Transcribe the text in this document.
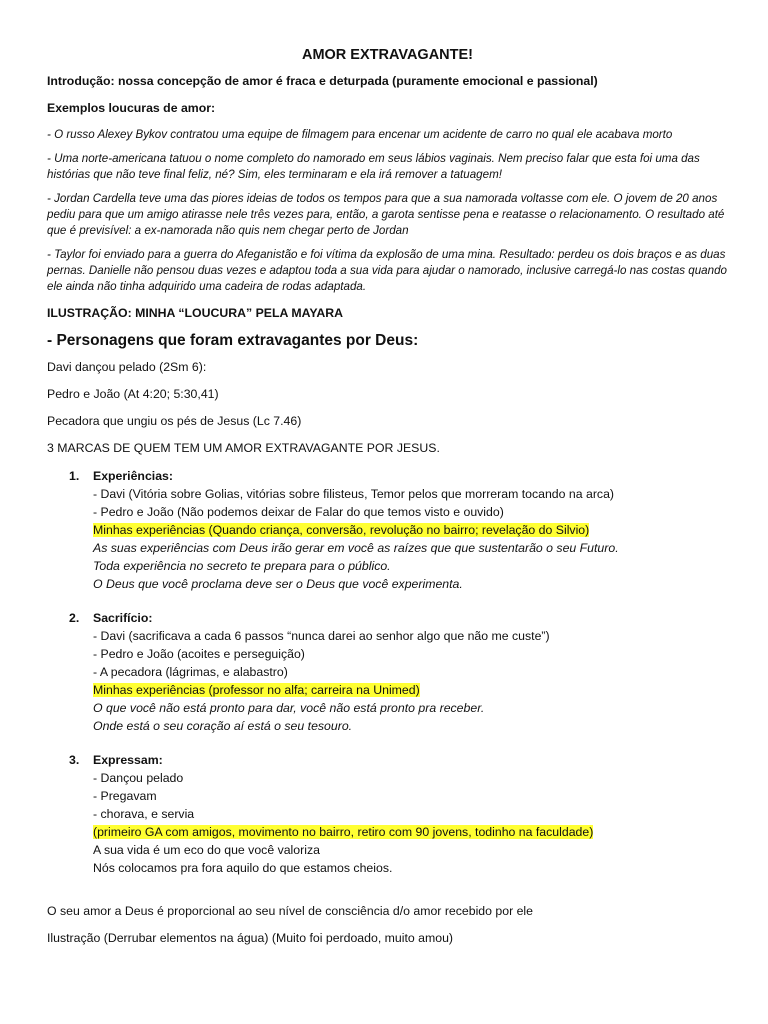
AMOR EXTRAVAGANTE!

Introdução: nossa concepção de amor é fraca e deturpada (puramente emocional e passional)

Exemplos loucuras de amor:

- O russo Alexey Bykov contratou uma equipe de filmagem para encenar um acidente de carro no qual ele acabava morto

- Uma norte-americana tatuou o nome completo do namorado em seus lábios vaginais. Nem preciso falar que esta foi uma das histórias que não teve final feliz, né? Sim, eles terminaram e ela irá remover a tatuagem!

- Jordan Cardella teve uma das piores ideias de todos os tempos para que a sua namorada voltasse com ele. O jovem de 20 anos pediu para que um amigo atirasse nele três vezes para, então, a garota sentisse pena e reatasse o relacionamento. O resultado até que é previsível: a ex-namorada não quis nem chegar perto de Jordan

- Taylor foi enviado para a guerra do Afeganistão e foi vítima da explosão de uma mina. Resultado: perdeu os dois braços e as duas pernas. Danielle não pensou duas vezes e adaptou toda a sua vida para ajudar o namorado, inclusive carregá-lo nas costas quando ele ainda não tinha adquirido uma cadeira de rodas adaptada.

ILUSTRAÇÃO: MINHA “LOUCURA” PELA MAYARA

- Personagens que foram extravagantes por Deus:

Davi dançou pelado (2Sm 6):

Pedro e João (At 4:20; 5:30,41)

Pecadora que ungiu os pés de Jesus (Lc 7.46)

3 MARCAS DE QUEM TEM UM AMOR EXTRAVAGANTE POR JESUS.

1. Experiências:
- Davi (Vitória sobre Golias, vitórias sobre filisteus, Temor pelos que morreram tocando na arca)
- Pedro e João (Não podemos deixar de Falar do que temos visto e ouvido)
Minhas experiências (Quando criança, conversão, revolução no bairro; revelação do Silvio)
As suas experiências com Deus irão gerar em você as raízes que que sustentarão o seu Futuro.
Toda experiência no secreto te prepara para o público.
O Deus que você proclama deve ser o Deus que você experimenta.
2. Sacrifício:
- Davi (sacrificava a cada 6 passos “nunca darei ao senhor algo que não me custe”)
- Pedro e João (acoites e perseguição)
- A pecadora (lágrimas, e alabastro)
Minhas experiências (professor no alfa; carreira na Unimed)
O que você não está pronto para dar, você não está pronto pra receber.
Onde está o seu coração aí está o seu tesouro.
3. Expressam:
- Dançou pelado
- Pregavam
- chorava, e servia
(primeiro GA com amigos, movimento no bairro, retiro com 90 jovens, todinho na faculdade)
A sua vida é um eco do que você valoriza
Nós colocamos pra fora aquilo do que estamos cheios.

O seu amor a Deus é proporcional ao seu nível de consciência d/o amor recebido por ele

Ilustração (Derrubar elementos na água) (Muito foi perdoado, muito amou)
